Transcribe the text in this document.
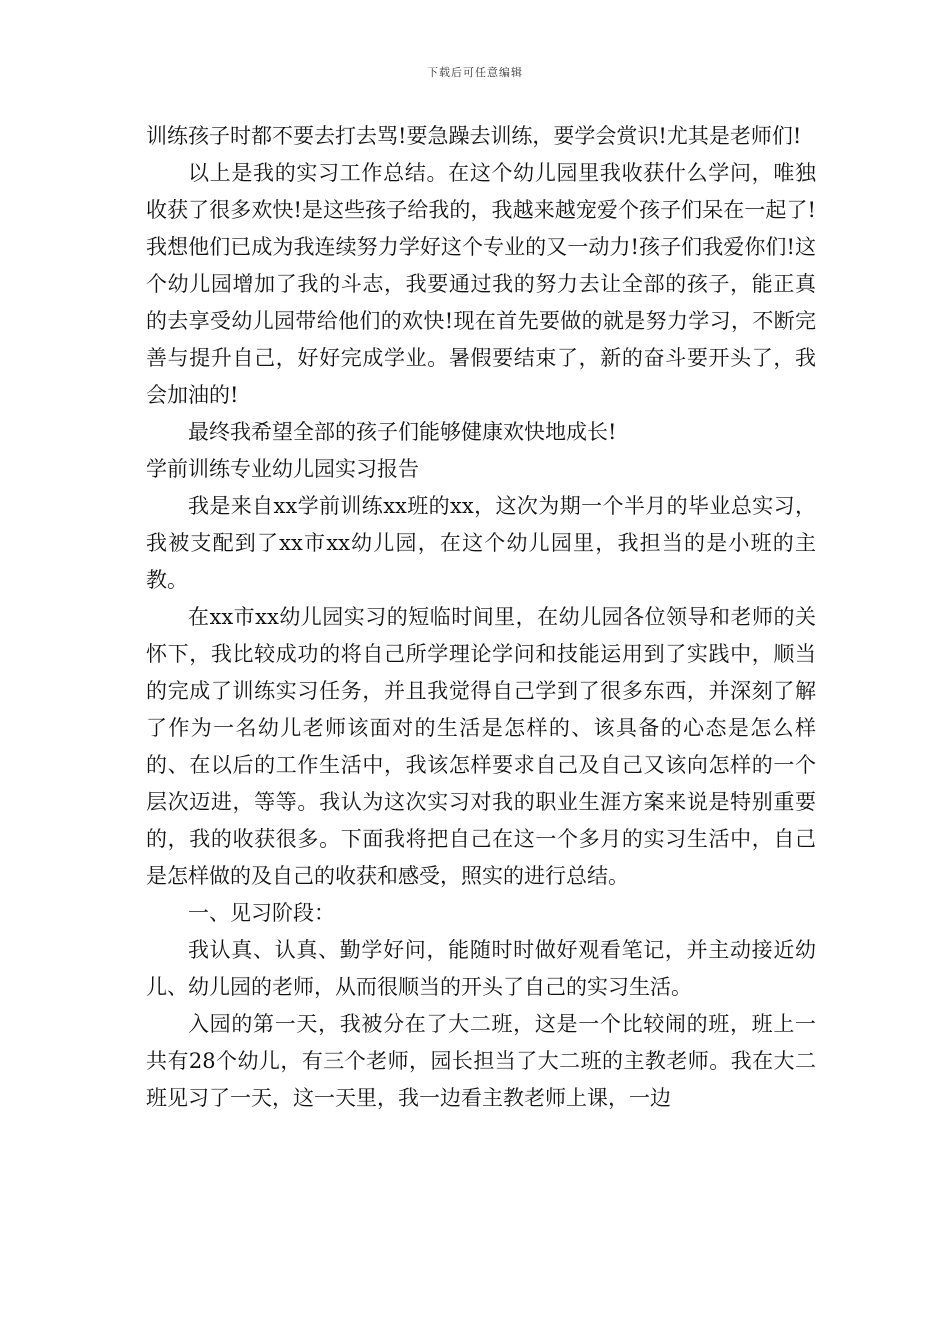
下载后可任意编辑

训练孩子时都不要去打去骂!要急躁去训练，要学会赏识!尤其是老师们!

以上是我的实习工作总结。在这个幼儿园里我收获什么学问，唯独收获了很多欢快!是这些孩子给我的，我越来越宠爱个孩子们呆在一起了!我想他们已成为我连续努力学好这个专业的又一动力!孩子们我爱你们!这个幼儿园增加了我的斗志，我要通过我的努力去让全部的孩子，能正真的去享受幼儿园带给他们的欢快!现在首先要做的就是努力学习，不断完善与提升自己，好好完成学业。暑假要结束了，新的奋斗要开头了，我会加油的!

最终我希望全部的孩子们能够健康欢快地成长!

学前训练专业幼儿园实习报告

我是来自xx学前训练xx班的xx，这次为期一个半月的毕业总实习，我被支配到了xx市xx幼儿园，在这个幼儿园里，我担当的是小班的主教。

在xx市xx幼儿园实习的短临时间里，在幼儿园各位领导和老师的关怀下，我比较成功的将自己所学理论学问和技能运用到了实践中，顺当的完成了训练实习任务，并且我觉得自己学到了很多东西，并深刻了解了作为一名幼儿老师该面对的生活是怎样的、该具备的心态是怎么样的、在以后的工作生活中，我该怎样要求自己及自己又该向怎样的一个层次迈进，等等。我认为这次实习对我的职业生涯方案来说是特别重要的，我的收获很多。下面我将把自己在这一个多月的实习生活中，自己是怎样做的及自己的收获和感受，照实的进行总结。

一、见习阶段：

我认真、认真、勤学好问，能随时时做好观看笔记，并主动接近幼儿、幼儿园的老师，从而很顺当的开头了自己的实习生活。

入园的第一天，我被分在了大二班，这是一个比较闹的班，班上一共有28个幼儿，有三个老师，园长担当了大二班的主教老师。我在大二班见习了一天，这一天里，我一边看主教老师上课，一边
